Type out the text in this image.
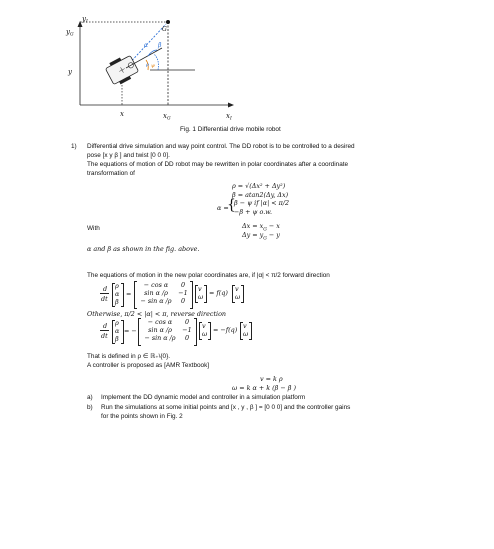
$y_I$
$y_G$
y
x	$x_G$	$x_I$
G
α β
ρ ψ
Fig. 1 Differential drive mobile robot
1) Differential drive simulation and way point control. The DD robot is to be controlled to a desired
pose [x y β ] and twist [0 0 0].
The equations of motion of DD robot may be rewritten in polar coordinates after a coordinate
transformation of
ρ = √(Δx² + Δy²)
β = atan2(Δy, Δx)
α =
{
β − ψ if |α| < π/2
−β + ψ o.w.
With	$\Delta x = x_G - x$
$\Delta y = y_G - y$
α and β as shown in the fig. above.
The equations of motion in the new polar coordinates are, if |α| < π/2 forward direction
d
dt
ρ
α
β
=
− cos α
sin α /ρ
− sin α /ρ
0
−1
0
v
ω = f(q) v
ω
Otherwise, π/2 < |α| < π, reverse direction
d
dt
ρ
α
β
= −
− cos α
sin α /ρ
− sin α /ρ
0
−1
0
v
ω = −f(q) v
ω
That is defined in ρ ∈ ℝ₊\{0}.
A controller is proposed as [AMR Textbook]
v = k ρ
ω = k α + k (β − β )
a) Implement the DD dynamic model and controller in a simulation platform
b) Run the simulations at some initial points and [x , y , β ] = [0 0 0] and the controller gains
for the points shown in Fig. 2
